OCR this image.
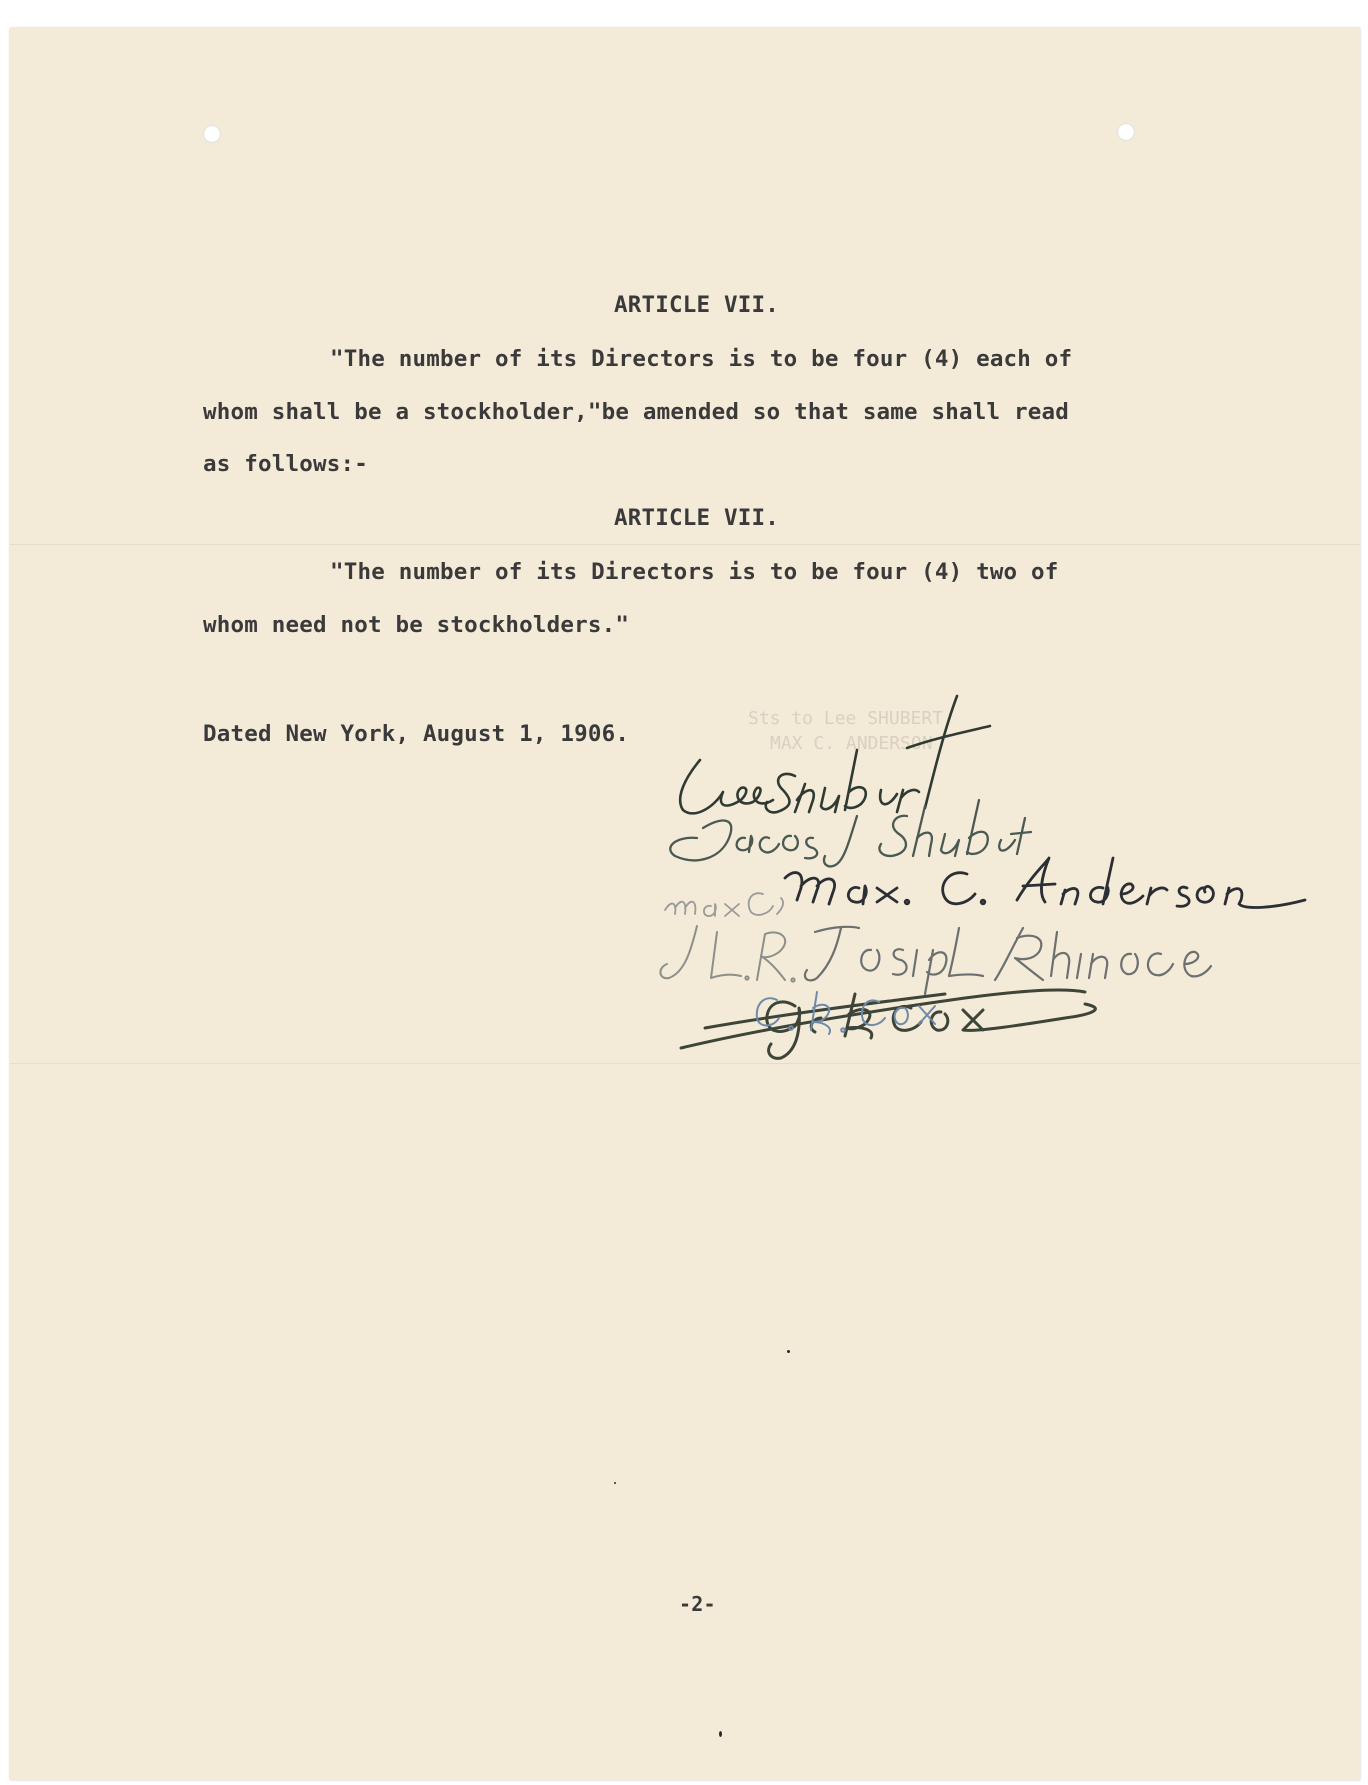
ARTICLE VII.
"The number of its Directors is to be four (4) each of
whom shall be a stockholder,"be amended so that same shall read
as follows:-
ARTICLE VII.
"The number of its Directors is to be four (4) two of
whom need not be stockholders."
Dated New York, August 1, 1906.
Sts to Lee SHUBERT
MAX C. ANDERSON
-2-
